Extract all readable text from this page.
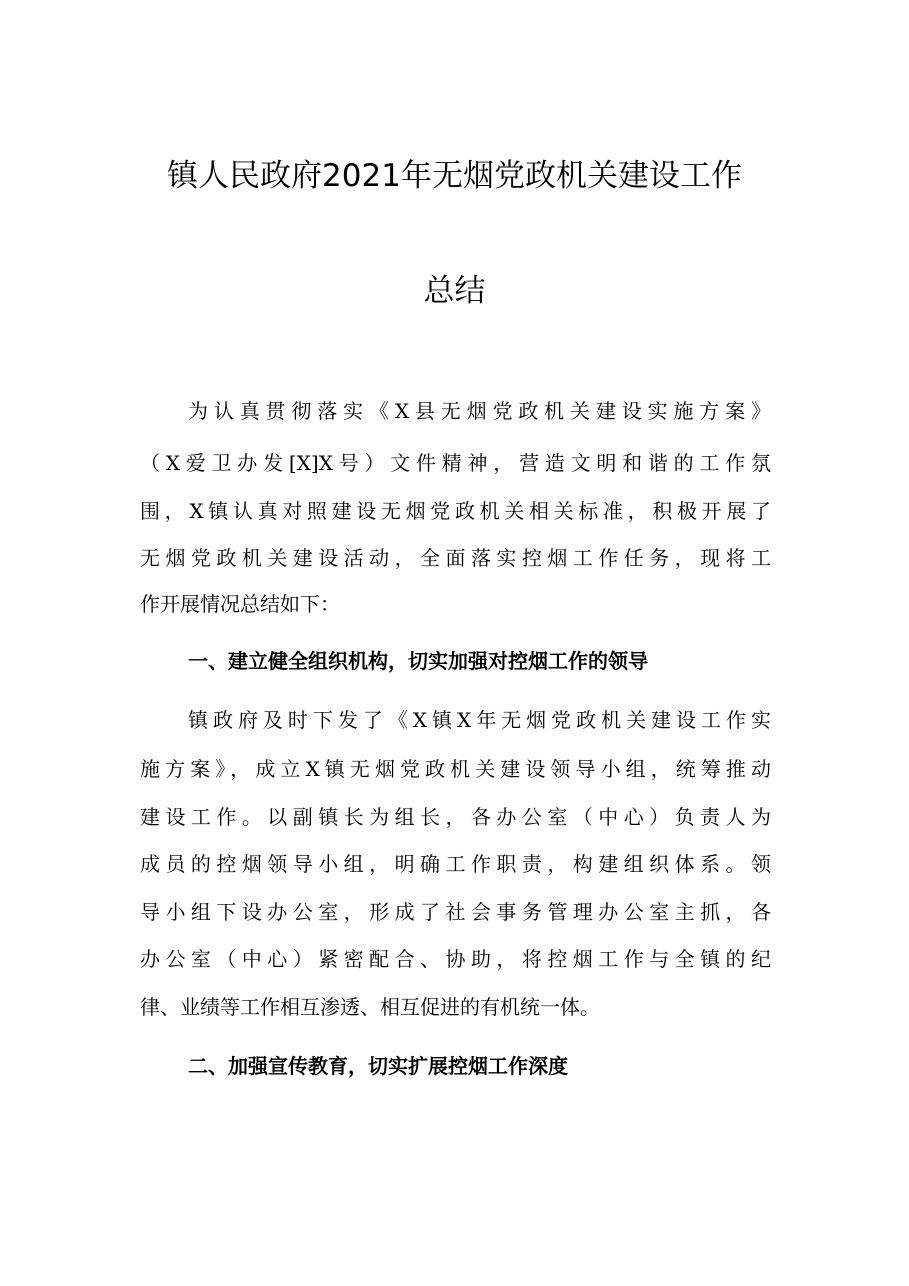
镇人民政府2021年无烟党政机关建设工作
总结
为认真贯彻落实《X县无烟党政机关建设实施方案》
（X爱卫办发[X]X号）文件精神，营造文明和谐的工作氛
围，X镇认真对照建设无烟党政机关相关标准，积极开展了
无烟党政机关建设活动，全面落实控烟工作任务，现将工
作开展情况总结如下：
一、建立健全组织机构，切实加强对控烟工作的领导
镇政府及时下发了《X镇X年无烟党政机关建设工作实
施方案》，成立X镇无烟党政机关建设领导小组，统筹推动
建设工作。以副镇长为组长，各办公室（中心）负责人为
成员的控烟领导小组，明确工作职责，构建组织体系。领
导小组下设办公室，形成了社会事务管理办公室主抓，各
办公室（中心）紧密配合、协助，将控烟工作与全镇的纪
律、业绩等工作相互渗透、相互促进的有机统一体。
二、加强宣传教育，切实扩展控烟工作深度
